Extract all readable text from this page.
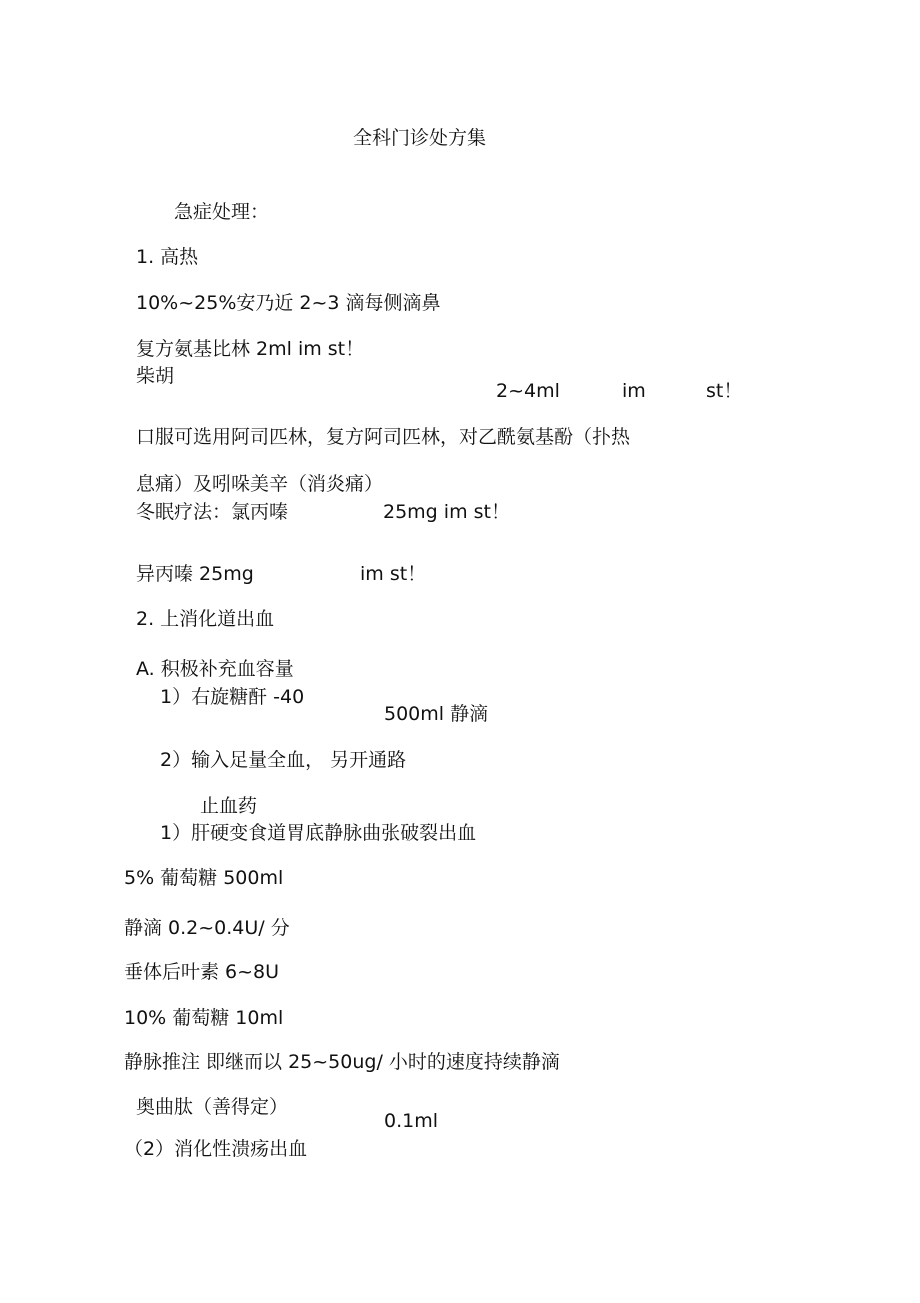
全科门诊处方集
急症处理：
1. 高热
10%~25%安乃近 2~3 滴每侧滴鼻
复方氨基比林 2ml im st！
柴胡
2~4ml	im	st！
口服可选用阿司匹林，复方阿司匹林，对乙酰氨基酚（扑热
息痛）及吲哚美辛（消炎痛）
冬眠疗法：氯丙嗪	25mg im st！
异丙嗪 25mg	im st！
2. 上消化道出血
A. 积极补充血容量
1）右旋糖酐 -40
500ml 静滴
2）输入足量全血， 另开通路
止血药
1）肝硬变食道胃底静脉曲张破裂出血
5% 葡萄糖 500ml
静滴 0.2~0.4U/ 分
垂体后叶素 6~8U
10% 葡萄糖 10ml
静脉推注 即继而以 25~50ug/ 小时的速度持续静滴
奥曲肽（善得定）
0.1ml
（2）消化性溃疡出血
